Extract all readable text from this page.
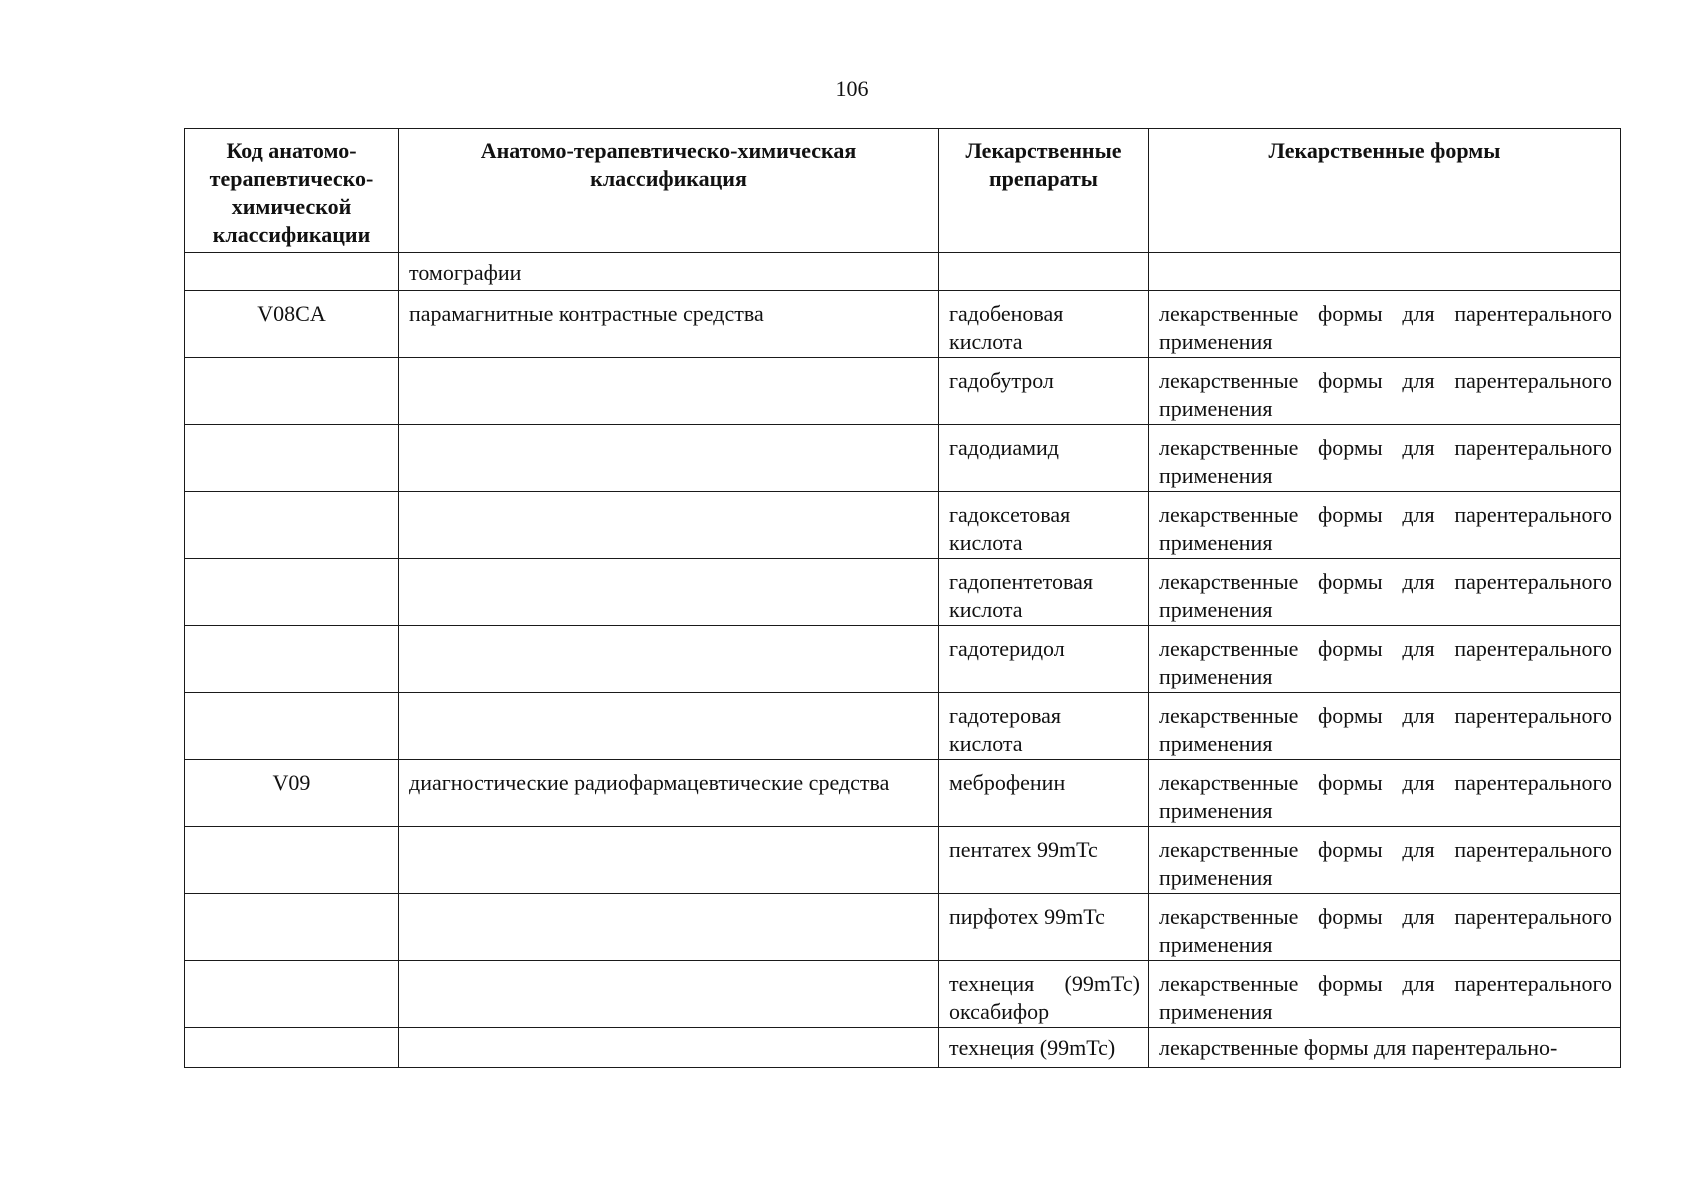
106
Код анатомо-терапевтическо-химической классификации	Анатомо-терапевтическо-химическая классификация	Лекарственные препараты	Лекарственные формы
	томографии		
V08CA	парамагнитные контрастные средства	гадобеновая кислота	лекарственные формы для парентерального применения
		гадобутрол	лекарственные формы для парентерального применения
		гадодиамид	лекарственные формы для парентерального применения
		гадоксетовая кислота	лекарственные формы для парентерального применения
		гадопентетовая кислота	лекарственные формы для парентерального применения
		гадотеридол	лекарственные формы для парентерального применения
		гадотеровая кислота	лекарственные формы для парентерального применения
V09	диагностические радиофармацевтические средства	меброфенин	лекарственные формы для парентерального применения
		пентатех 99mTc	лекарственные формы для парентерального применения
		пирфотех 99mTc	лекарственные формы для парентерального применения
		технеция (99mTc) оксабифор	лекарственные формы для парентерального применения
		технеция (99mTc)	лекарственные формы для парентерально-
